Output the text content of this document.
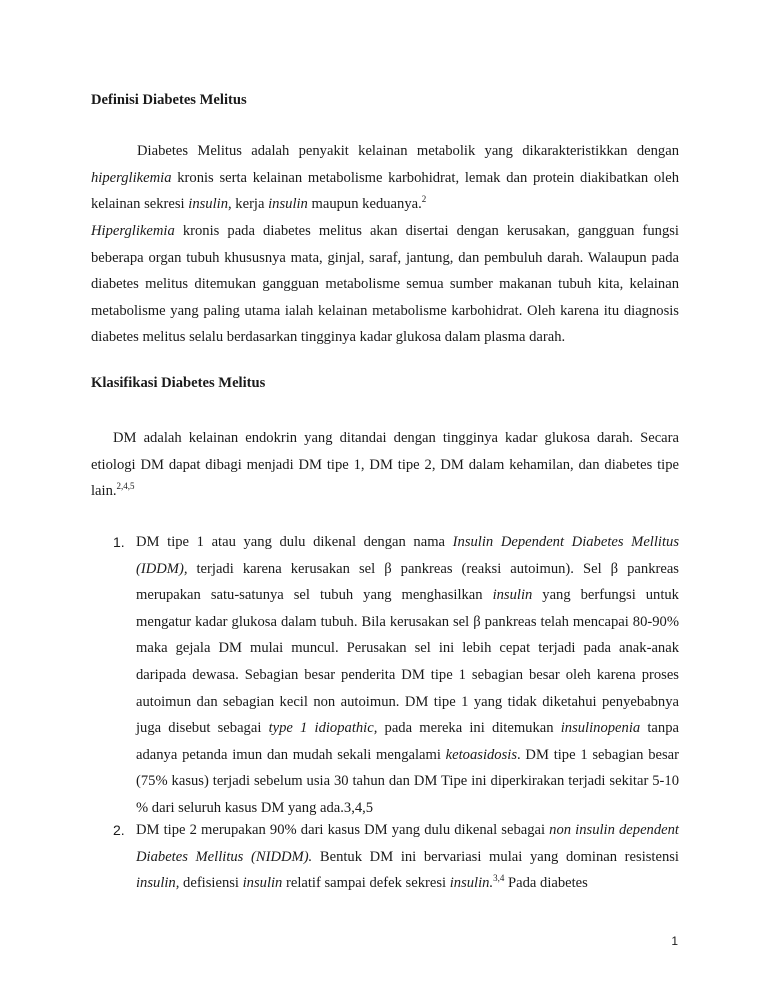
Definisi Diabetes Melitus

Diabetes Melitus adalah penyakit kelainan metabolik yang dikarakteristikkan dengan hiperglikemia kronis serta kelainan metabolisme karbohidrat, lemak dan protein diakibatkan oleh kelainan sekresi insulin, kerja insulin maupun keduanya.$^2$

Hiperglikemia kronis pada diabetes melitus akan disertai dengan kerusakan, gangguan fungsi beberapa organ tubuh khususnya mata, ginjal, saraf, jantung, dan pembuluh darah. Walaupun pada diabetes melitus ditemukan gangguan metabolisme semua sumber makanan tubuh kita, kelainan metabolisme yang paling utama ialah kelainan metabolisme karbohidrat. Oleh karena itu diagnosis diabetes melitus selalu berdasarkan tingginya kadar glukosa dalam plasma darah.

Klasifikasi Diabetes Melitus

DM adalah kelainan endokrin yang ditandai dengan tingginya kadar glukosa darah. Secara etiologi DM dapat dibagi menjadi DM tipe 1, DM tipe 2, DM dalam kehamilan, dan diabetes tipe lain.$^{2,4,5}$

1. DM tipe 1 atau yang dulu dikenal dengan nama Insulin Dependent Diabetes Mellitus (IDDM), terjadi karena kerusakan sel β pankreas (reaksi autoimun). Sel β pankreas merupakan satu-satunya sel tubuh yang menghasilkan insulin yang berfungsi untuk mengatur kadar glukosa dalam tubuh. Bila kerusakan sel β pankreas telah mencapai 80-90% maka gejala DM mulai muncul. Perusakan sel ini lebih cepat terjadi pada anak-anak daripada dewasa. Sebagian besar penderita DM tipe 1 sebagian besar oleh karena proses autoimun dan sebagian kecil non autoimun. DM tipe 1 yang tidak diketahui penyebabnya juga disebut sebagai type 1 idiopathic, pada mereka ini ditemukan insulinopenia tanpa adanya petanda imun dan mudah sekali mengalami ketoasidosis. DM tipe 1 sebagian besar (75% kasus) terjadi sebelum usia 30 tahun dan DM Tipe ini diperkirakan terjadi sekitar 5-10 % dari seluruh kasus DM yang ada.3,4,5

2. DM tipe 2 merupakan 90% dari kasus DM yang dulu dikenal sebagai non insulin dependent Diabetes Mellitus (NIDDM). Bentuk DM ini bervariasi mulai yang dominan resistensi insulin, defisiensi insulin relatif sampai defek sekresi insulin.$^{3,4}$ Pada diabetes

1
